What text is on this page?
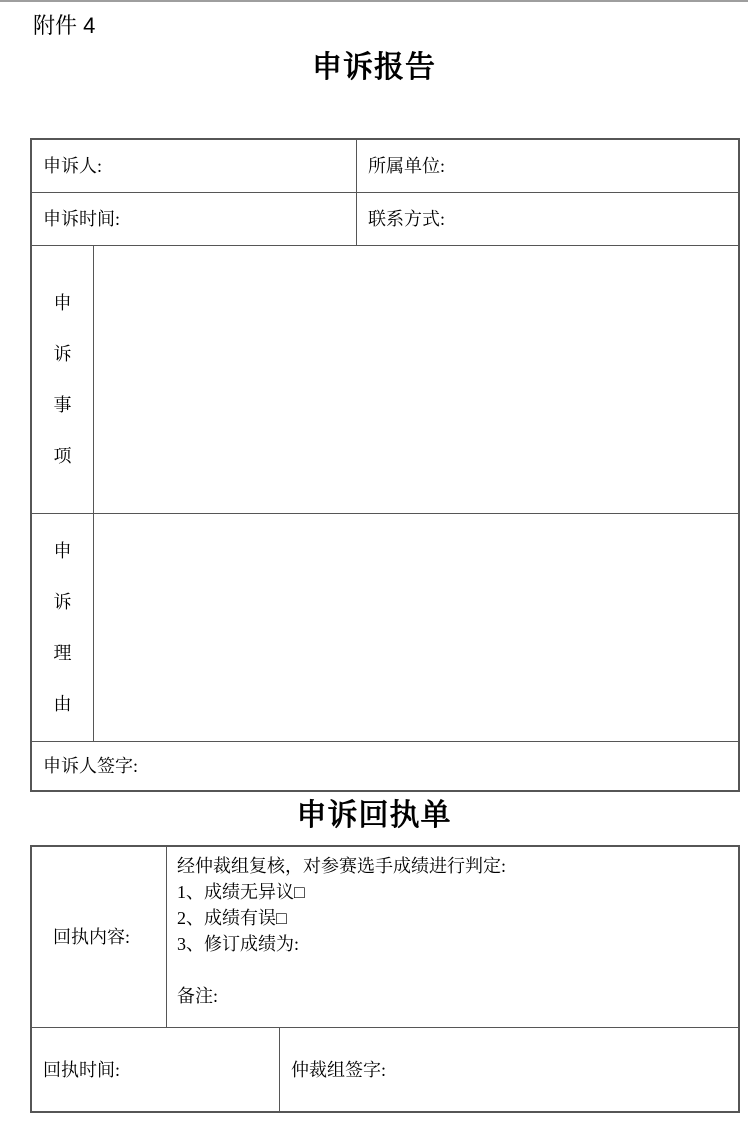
附件 4
申诉报告
申诉人:	所属单位:
申诉时间:	联系方式:
申诉事项
申诉理由
申诉人签字:
申诉回执单
回执内容:
经仲裁组复核，对参赛选手成绩进行判定:
1、成绩无异议□
2、成绩有误□
3、修订成绩为:
备注:
回执时间:	仲裁组签字:
